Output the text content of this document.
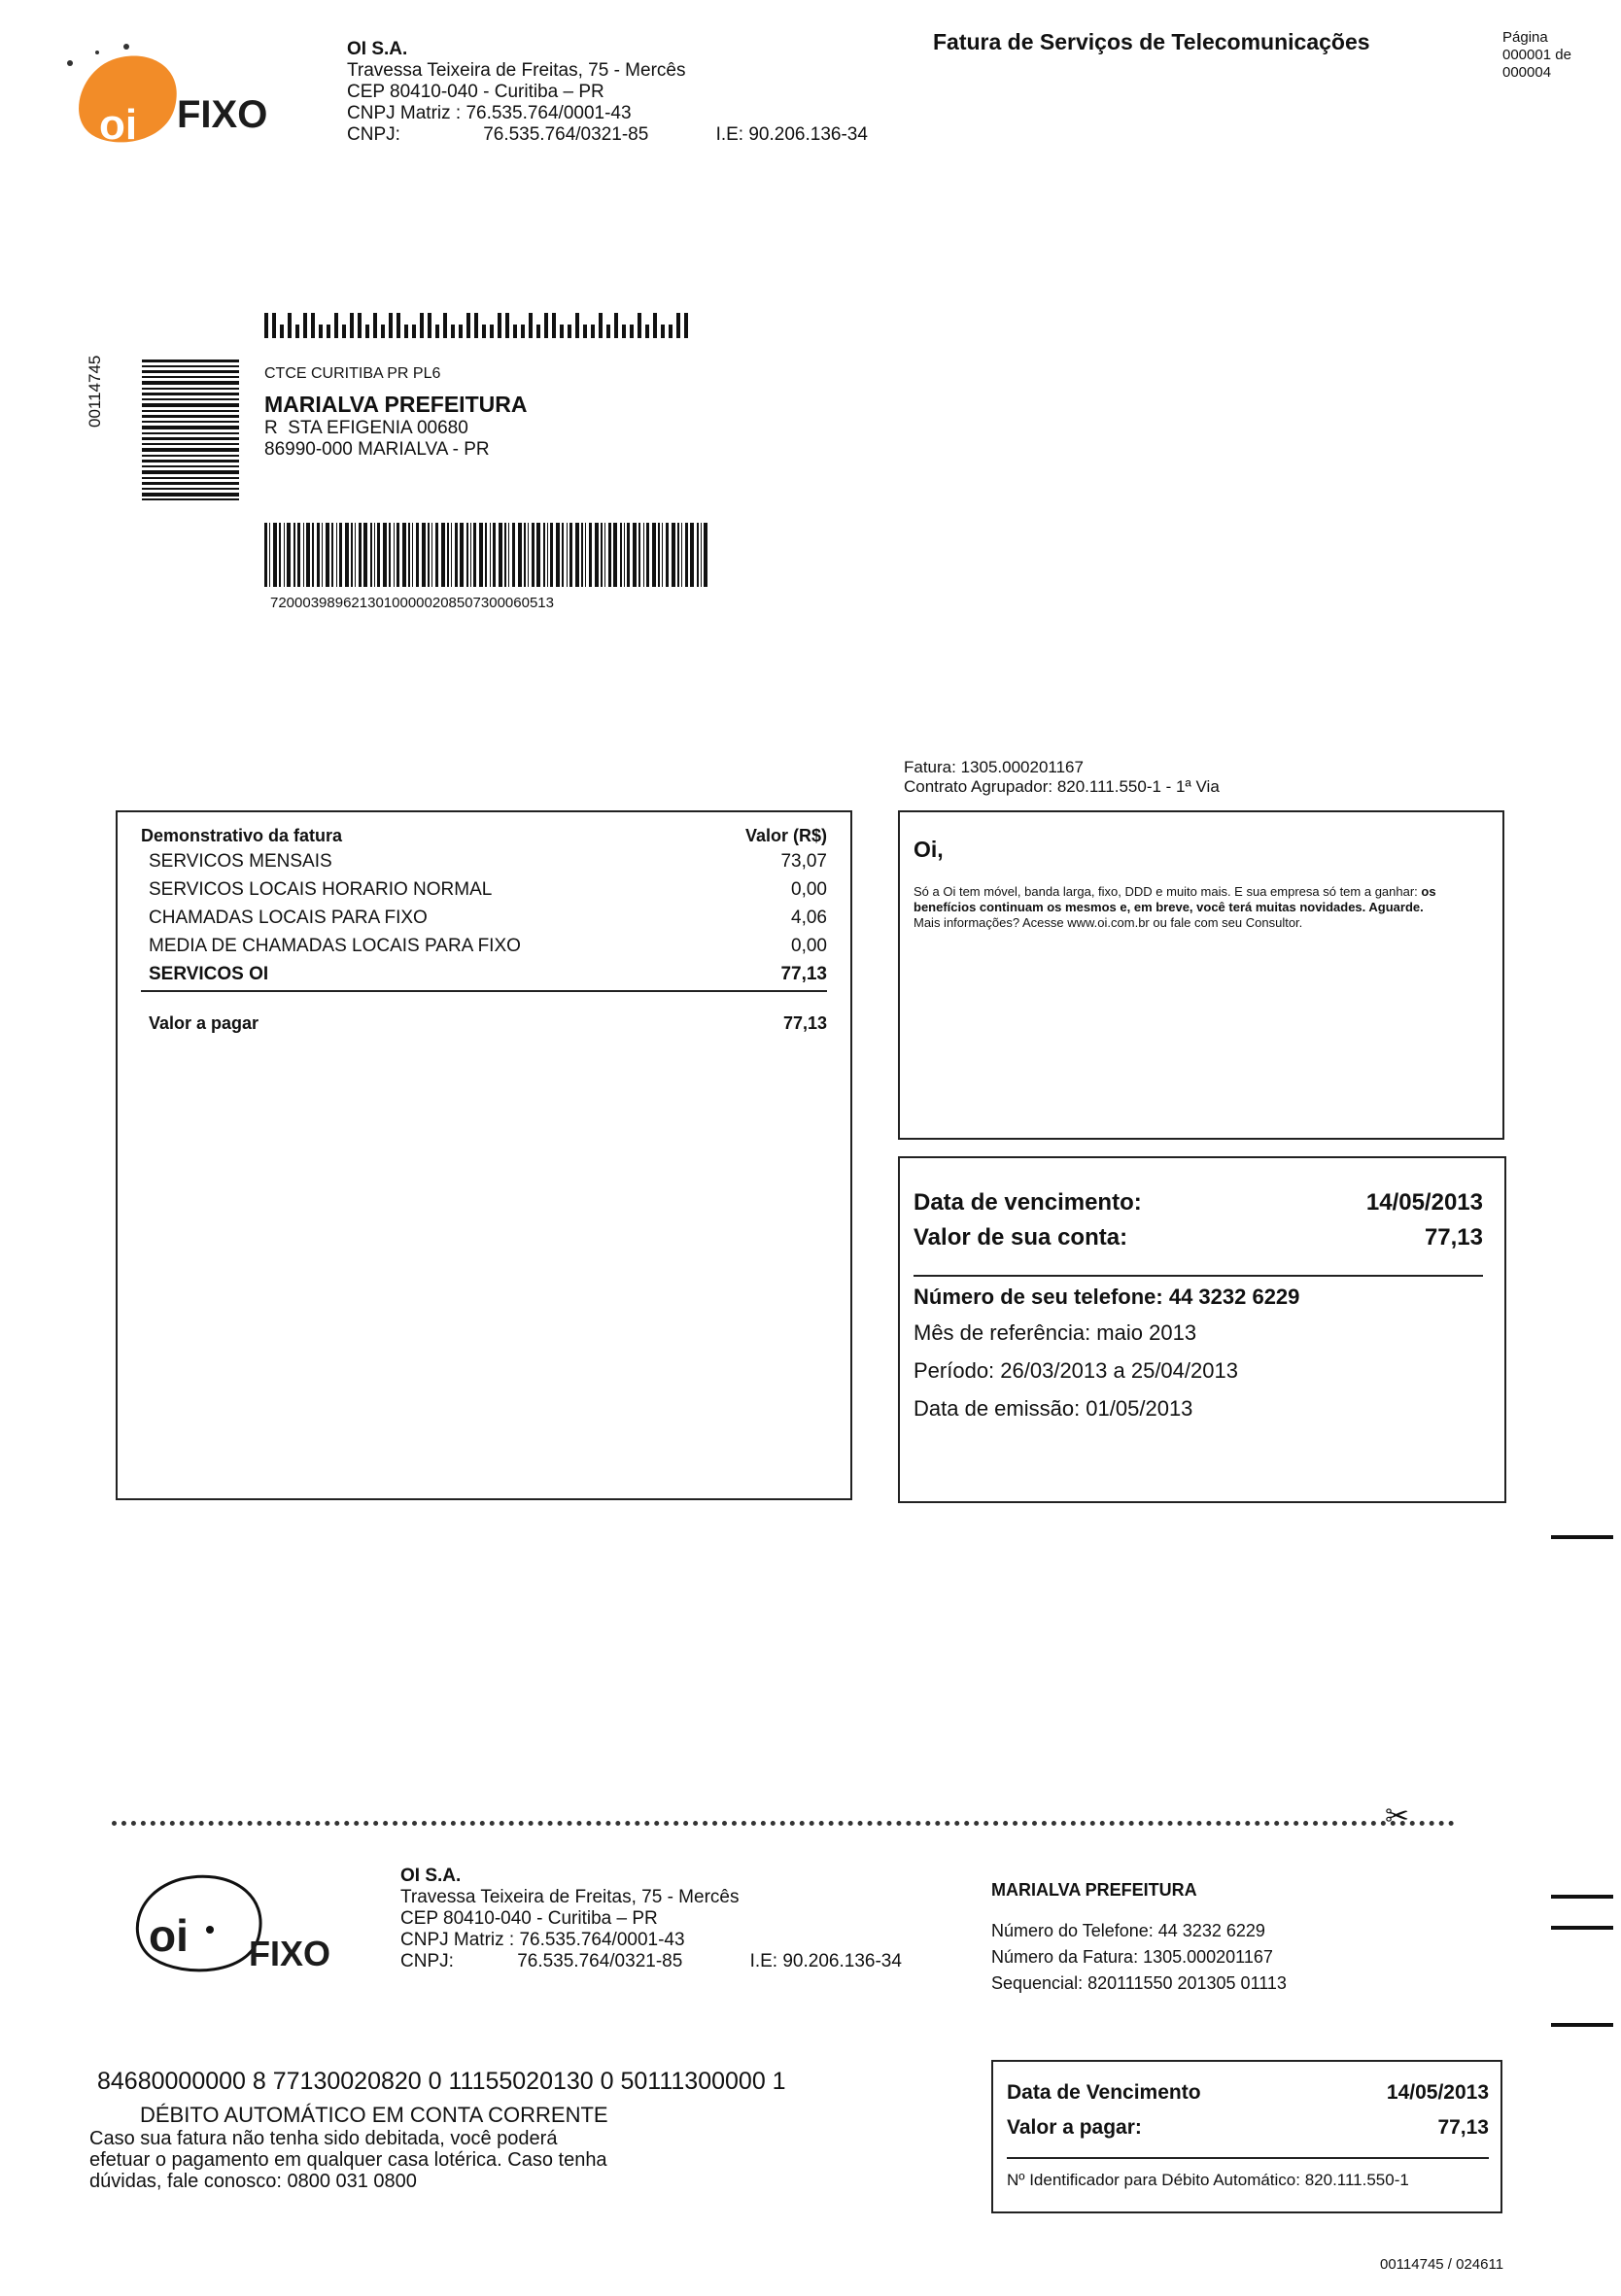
oi FIXO
OI S.A.
Travessa Teixeira de Freitas, 75 - Mercês
CEP 80410-040 - Curitiba – PR
CNPJ Matriz : 76.535.764/0001-43
CNPJ:	76.535.764/0321-85	I.E: 90.206.136-34
Fatura de Serviços de Telecomunicações	Página
000001 de
000004
00114745	CTCE CURITIBA PR PL6
MARIALVA PREFEITURA
R  STA EFIGENIA 00680
86990-000 MARIALVA - PR
72000398962130100000208507300060513
Fatura: 1305.000201167
Contrato Agrupador: 820.111.550-1 - 1ª Via
Demonstrativo da fatura	Valor (R$)
SERVICOS MENSAIS	73,07
SERVICOS LOCAIS HORARIO NORMAL	0,00
CHAMADAS LOCAIS PARA FIXO	4,06
MEDIA DE CHAMADAS LOCAIS PARA FIXO	0,00
SERVICOS OI	77,13
Valor a pagar	77,13
Oi,
Só a Oi tem móvel, banda larga, fixo, DDD e muito mais. E sua empresa só tem a ganhar: os benefícios continuam os mesmos e, em breve, você terá muitas novidades. Aguarde.
Mais informações? Acesse www.oi.com.br ou fale com seu Consultor.
Data de vencimento:	14/05/2013
Valor de sua conta:	77,13
Número de seu telefone: 44 3232 6229
Mês de referência: maio 2013
Período: 26/03/2013 a 25/04/2013
Data de emissão: 01/05/2013
✂
oi FIXO
OI S.A.
Travessa Teixeira de Freitas, 75 - Mercês
CEP 80410-040 - Curitiba – PR
CNPJ Matriz : 76.535.764/0001-43
CNPJ:	76.535.764/0321-85	I.E: 90.206.136-34
MARIALVA PREFEITURA
Número do Telefone: 44 3232 6229
Número da Fatura: 1305.000201167
Sequencial: 820111550 201305 01113
84680000000 8 77130020820 0 11155020130 0 50111300000 1
DÉBITO AUTOMÁTICO EM CONTA CORRENTE
Caso sua fatura não tenha sido debitada, você poderá
efetuar o pagamento em qualquer casa lotérica. Caso tenha
dúvidas, fale conosco: 0800 031 0800
Data de Vencimento	14/05/2013
Valor a pagar:	77,13
Nº Identificador para Débito Automático: 820.111.550-1
00114745 / 024611
